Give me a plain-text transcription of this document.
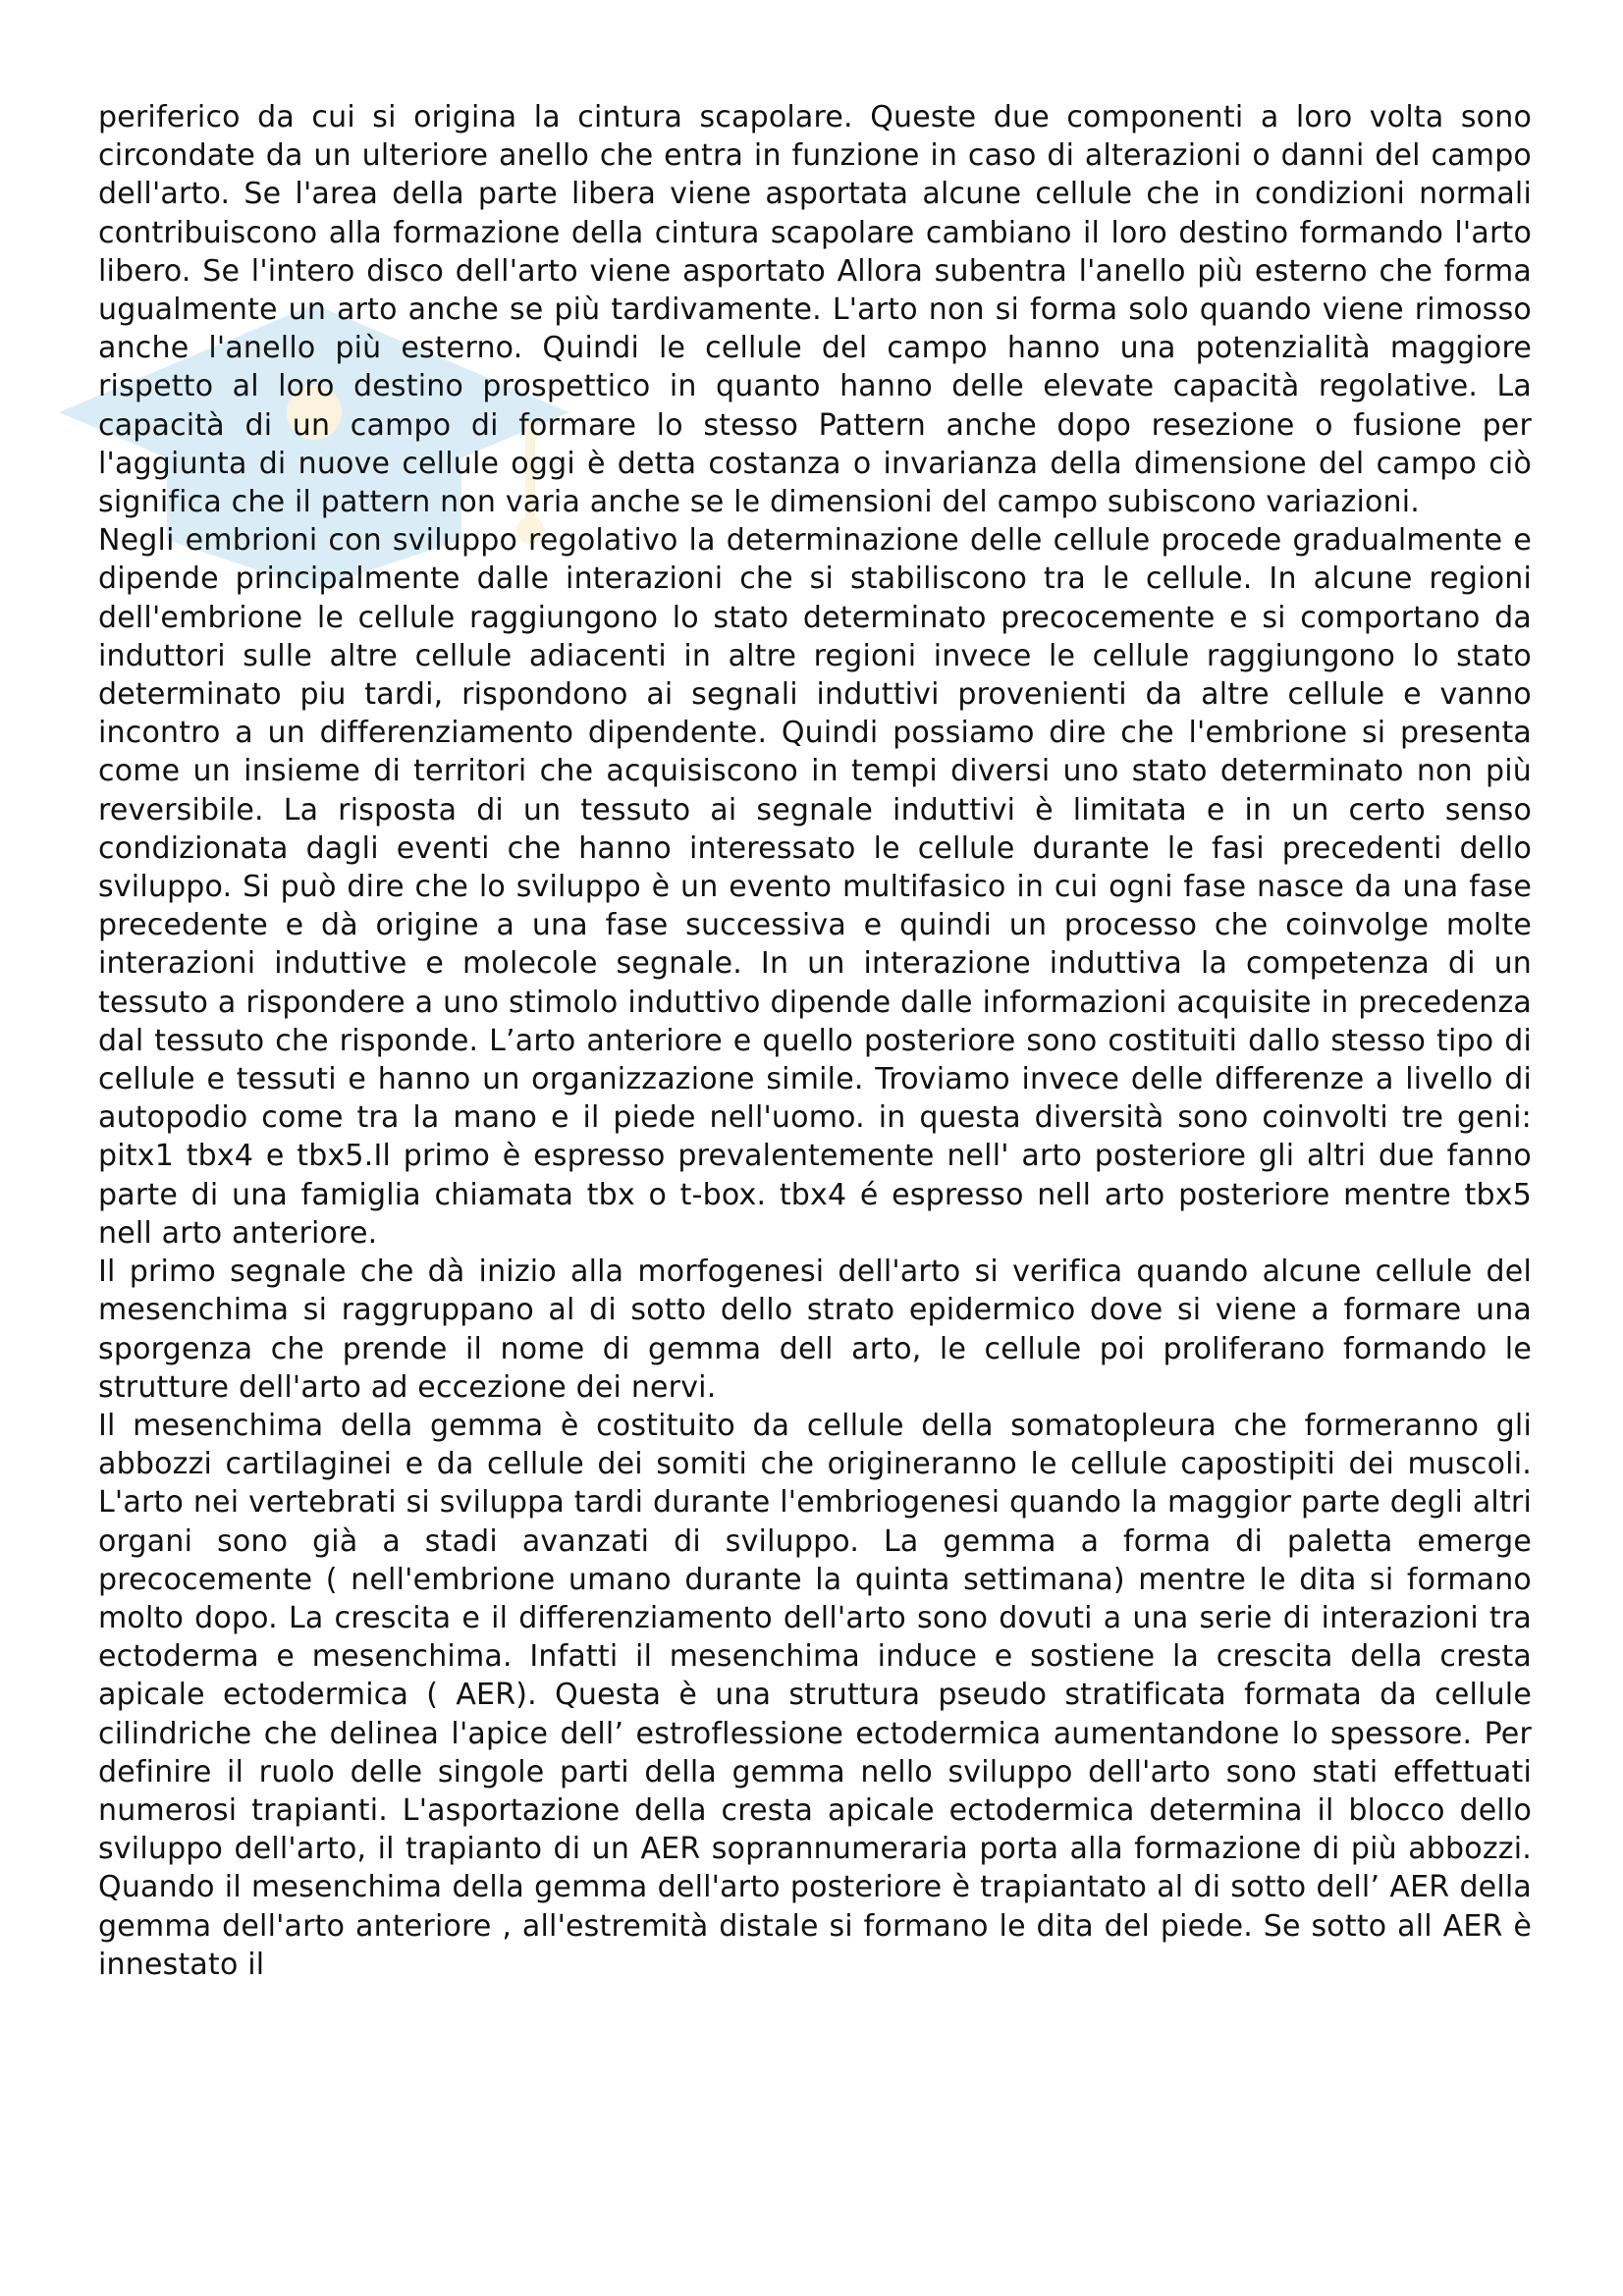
periferico da cui si origina la cintura scapolare. Queste due componenti a loro volta sono circondate da un ulteriore anello che entra in funzione in caso di alterazioni o danni del campo dell'arto. Se l'area della parte libera viene asportata alcune cellule che in condizioni normali contribuiscono alla formazione della cintura scapolare cambiano il loro destino formando l'arto libero. Se l'intero disco dell'arto viene asportato Allora subentra l'anello più esterno che forma ugualmente un arto anche se più tardivamente. L'arto non si forma solo quando viene rimosso anche l'anello più esterno. Quindi le cellule del campo hanno una potenzialità maggiore rispetto al loro destino prospettico in quanto hanno delle elevate capacità regolative. La capacità di un campo di formare lo stesso Pattern anche dopo resezione o fusione per l'aggiunta di nuove cellule oggi è detta costanza o invarianza della dimensione del campo ciò significa che il pattern non varia anche se le dimensioni del campo subiscono variazioni.

Negli embrioni con sviluppo regolativo la determinazione delle cellule procede gradualmente e dipende principalmente dalle interazioni che si stabiliscono tra le cellule. In alcune regioni dell'embrione le cellule raggiungono lo stato determinato precocemente e si comportano da induttori sulle altre cellule adiacenti in altre regioni invece le cellule raggiungono lo stato determinato piu tardi, rispondono ai segnali induttivi provenienti da altre cellule e vanno incontro a un differenziamento dipendente. Quindi possiamo dire che l'embrione si presenta come un insieme di territori che acquisiscono in tempi diversi uno stato determinato non più reversibile. La risposta di un tessuto ai segnale induttivi è limitata e in un certo senso condizionata dagli eventi che hanno interessato le cellule durante le fasi precedenti dello sviluppo. Si può dire che lo sviluppo è un evento multifasico in cui ogni fase nasce da una fase precedente e dà origine a una fase successiva e quindi un processo che coinvolge molte interazioni induttive e molecole segnale. In un interazione induttiva la competenza di un tessuto a rispondere a uno stimolo induttivo dipende dalle informazioni acquisite in precedenza dal tessuto che risponde. L’arto anteriore e quello posteriore sono costituiti dallo stesso tipo di cellule e tessuti e hanno un organizzazione simile. Troviamo invece delle differenze a livello di autopodio come tra la mano e il piede nell'uomo. in questa diversità sono coinvolti tre geni: pitx1 tbx4 e tbx5.Il primo è espresso prevalentemente nell' arto posteriore gli altri due fanno parte di una famiglia chiamata tbx o t-box. tbx4 é espresso nell arto posteriore mentre tbx5 nell arto anteriore.

Il primo segnale che dà inizio alla morfogenesi dell'arto si verifica quando alcune cellule del mesenchima si raggruppano al di sotto dello strato epidermico dove si viene a formare una sporgenza che prende il nome di gemma dell arto, le cellule poi proliferano formando le strutture dell'arto ad eccezione dei nervi.

Il mesenchima della gemma è costituito da cellule della somatopleura che formeranno gli abbozzi cartilaginei e da cellule dei somiti che origineranno le cellule capostipiti dei muscoli. L'arto nei vertebrati si sviluppa tardi durante l'embriogenesi quando la maggior parte degli altri organi sono già a stadi avanzati di sviluppo. La gemma a forma di paletta emerge precocemente ( nell'embrione umano durante la quinta settimana) mentre le dita si formano molto dopo. La crescita e il differenziamento dell'arto sono dovuti a una serie di interazioni tra ectoderma e mesenchima. Infatti il mesenchima induce e sostiene la crescita della cresta apicale ectodermica ( AER). Questa è una struttura pseudo stratificata formata da cellule cilindriche che delinea l'apice dell’ estroflessione ectodermica aumentandone lo spessore. Per definire il ruolo delle singole parti della gemma nello sviluppo dell'arto sono stati effettuati numerosi trapianti. L'asportazione della cresta apicale ectodermica determina il blocco dello sviluppo dell'arto, il trapianto di un AER soprannumeraria porta alla formazione di più abbozzi. Quando il mesenchima della gemma dell'arto posteriore è trapiantato al di sotto dell’ AER della gemma dell'arto anteriore , all'estremità distale si formano le dita del piede. Se sotto all AER è innestato il
